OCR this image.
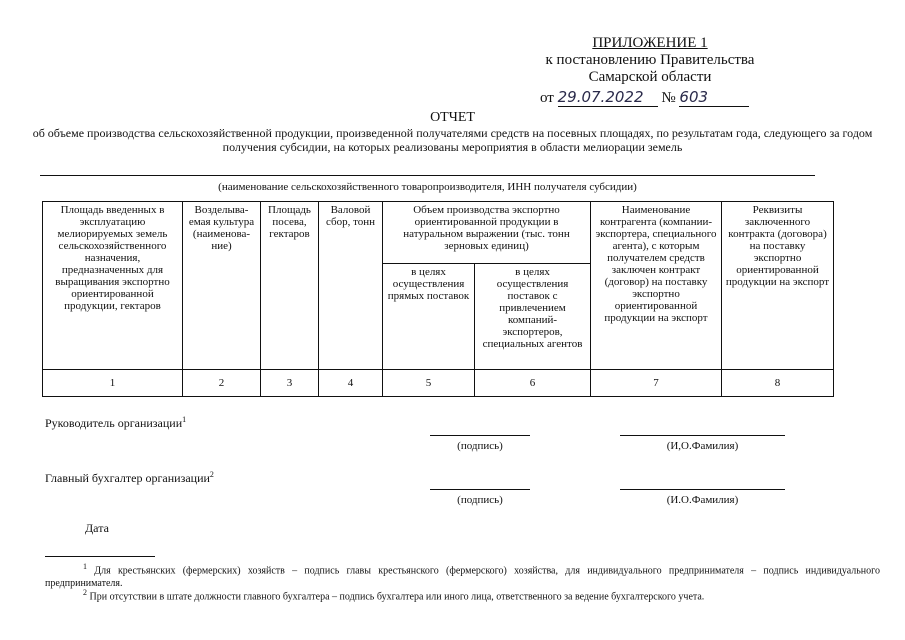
ПРИЛОЖЕНИЕ 1
к постановлению Правительства
Самарской области
от 29.07.2022 № 603
ОТЧЕТ
об объеме производства сельскохозяйственной продукции, произведенной получателями средств на посевных площадях, по результатам года, следующего за годом получения субсидии, на которых реализованы мероприятия в области мелиорации земель
(наименование сельскохозяйственного товаропроизводителя, ИНН получателя субсидии)
Площадь введенных в эксплуатацию мелиорируемых земель сельскохозяйственного назначения, предназначенных для выращивания экспортно ориентированной продукции, гектаров	Возделыва-емая культура (наименова-ние)	Площадь посева, гектаров	Валовой сбор, тонн	Объем производства экспортно ориентированной продукции в натуральном выражении (тыс. тонн зерновых единиц)		Наименование контрагента (компании-экспортера, специального агента), с которым получателем средств заключен контракт (договор) на поставку экспортно ориентированной продукции на экспорт	Реквизиты заключенного контракта (договора) на поставку экспортно ориентированной продукции на экспорт
				в целях осуществления прямых поставок	в целях осуществления поставок с привлечением компаний-экспортеров, специальных агентов		
1	2	3	4	5	6	7	8
Руководитель организации$^1$
(подпись)	(И,О.Фамилия)
Главный бухгалтер организации$^2$
(подпись)	(И.О.Фамилия)
Дата
$^1$ Для крестьянских (фермерских) хозяйств – подпись главы крестьянского (фермерского) хозяйства, для индивидуального предпринимателя – подпись индивидуального предпринимателя.
$^2$ При отсутствии в штате должности главного бухгалтера – подпись бухгалтера или иного лица, ответственного за ведение бухгалтерского учета.
